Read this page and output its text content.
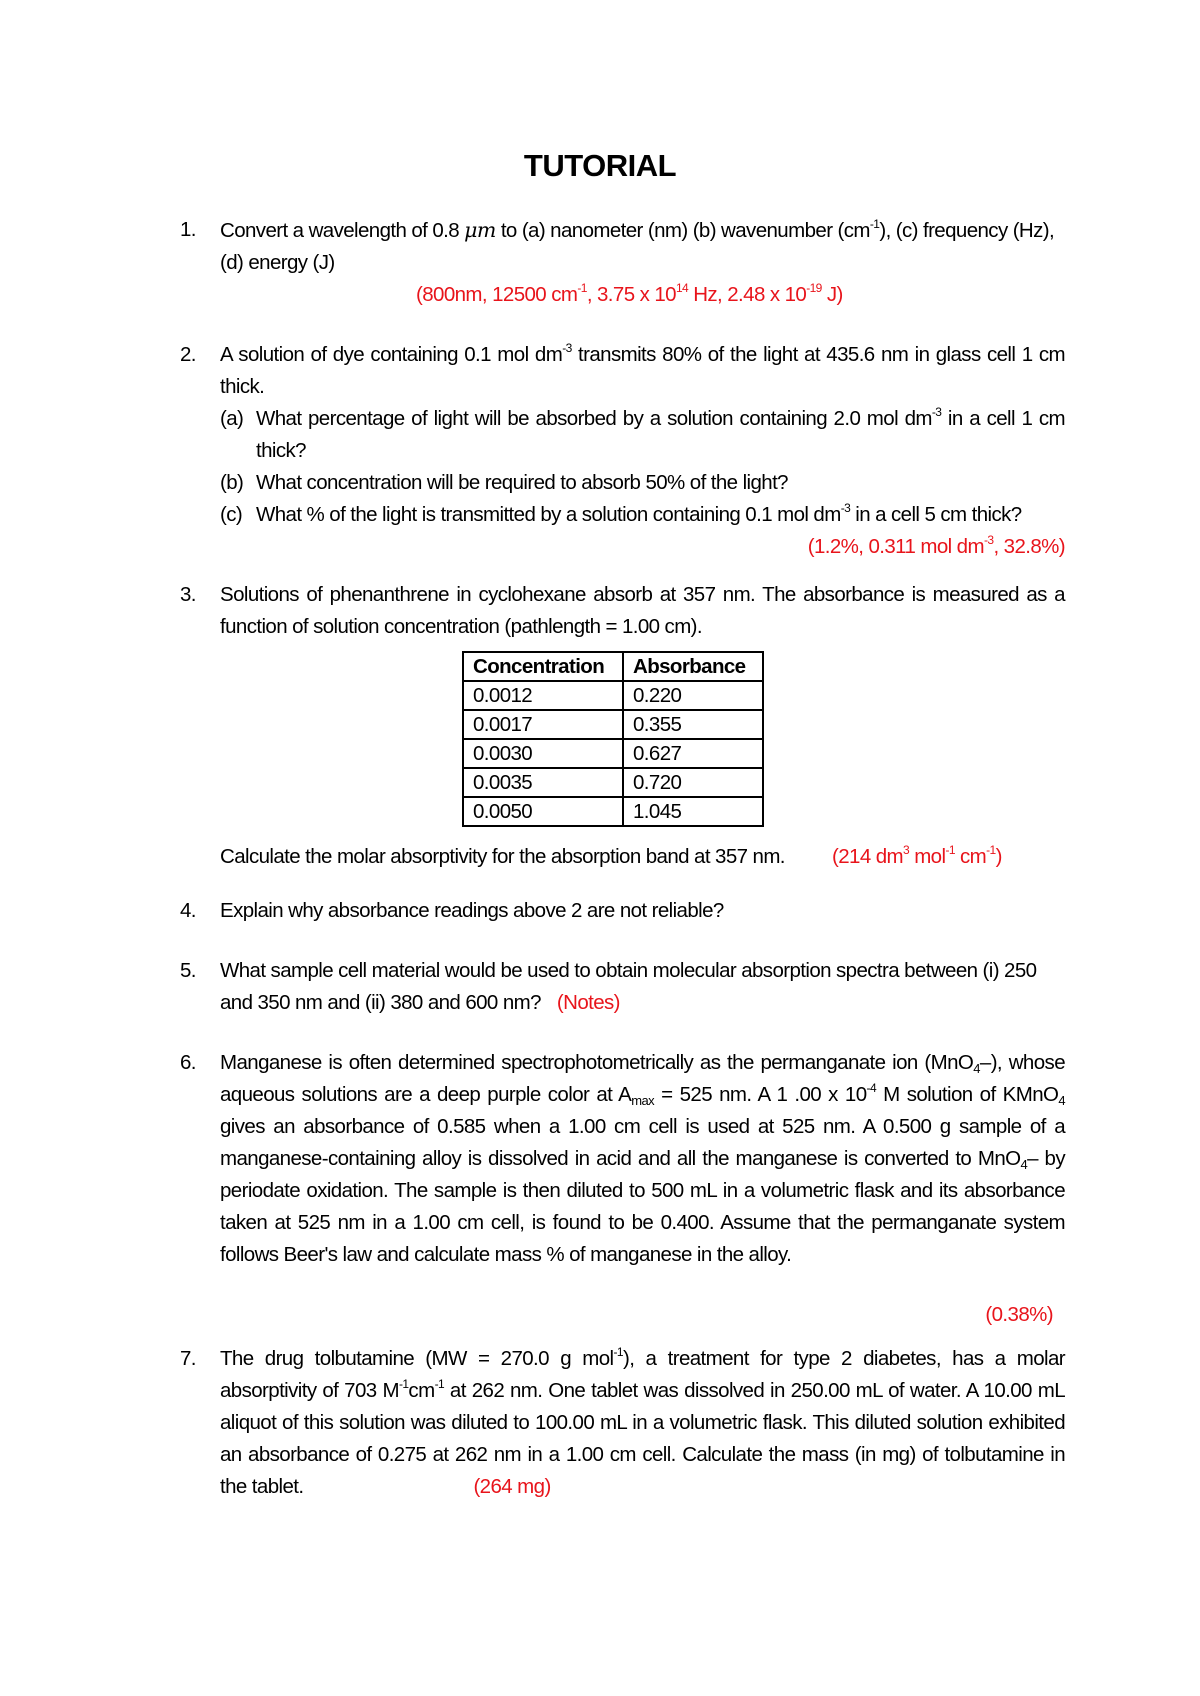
TUTORIAL
1. Convert a wavelength of 0.8 μm to (a) nanometer (nm) (b) wavenumber $(cm^{-1})$, (c) frequency (Hz), (d) energy (J)
(800nm, 12500 $cm^{-1}$, 3.75 x $10^{14}$ Hz, 2.48 x $10^{-19}$ J)
2. A solution of dye containing 0.1 mol $dm^{-3}$ transmits 80% of the light at 435.6 nm in glass cell 1 cm thick.
(a) What percentage of light will be absorbed by a solution containing 2.0 mol $dm^{-3}$ in a cell 1 cm thick?
(b) What concentration will be required to absorb 50% of the light?
(c) What % of the light is transmitted by a solution containing 0.1 mol $dm^{-3}$ in a cell 5 cm thick?
(1.2%, 0.311 mol $dm^{-3}$, 32.8%)
3. Solutions of phenanthrene in cyclohexane absorb at 357 nm. The absorbance is measured as a function of solution concentration (pathlength = 1.00 cm).
Concentration	Absorbance
0.0012	0.220
0.0017	0.355
0.0030	0.627
0.0035	0.720
0.0050	1.045
Calculate the molar absorptivity for the absorption band at 357 nm. (214 $dm^3$ mol$^{-1}$ $cm^{-1}$)
4. Explain why absorbance readings above 2 are not reliable?
5. What sample cell material would be used to obtain molecular absorption spectra between (i) 250 and 350 nm and (ii) 380 and 600 nm? (Notes)
6. Manganese is often determined spectrophotometrically as the permanganate ion (MnO4–), whose aqueous solutions are a deep purple color at Amax = 525 nm. A 1 .00 x $10^{-4}$ M solution of KMnO4 gives an absorbance of 0.585 when a 1.00 cm cell is used at 525 nm. A 0.500 g sample of a manganese-containing alloy is dissolved in acid and all the manganese is converted to MnO4– by periodate oxidation. The sample is then diluted to 500 mL in a volumetric flask and its absorbance taken at 525 nm in a 1.00 cm cell, is found to be 0.400. Assume that the permanganate system follows Beer's law and calculate mass % of manganese in the alloy.
(0.38%)
7. The drug tolbutamine (MW = 270.0 g mol$^{-1}$), a treatment for type 2 diabetes, has a molar absorptivity of 703 $M^{-1}cm^{-1}$ at 262 nm. One tablet was dissolved in 250.00 mL of water. A 10.00 mL aliquot of this solution was diluted to 100.00 mL in a volumetric flask. This diluted solution exhibited an absorbance of 0.275 at 262 nm in a 1.00 cm cell. Calculate the mass (in mg) of tolbutamine in the tablet.	(264 mg)
